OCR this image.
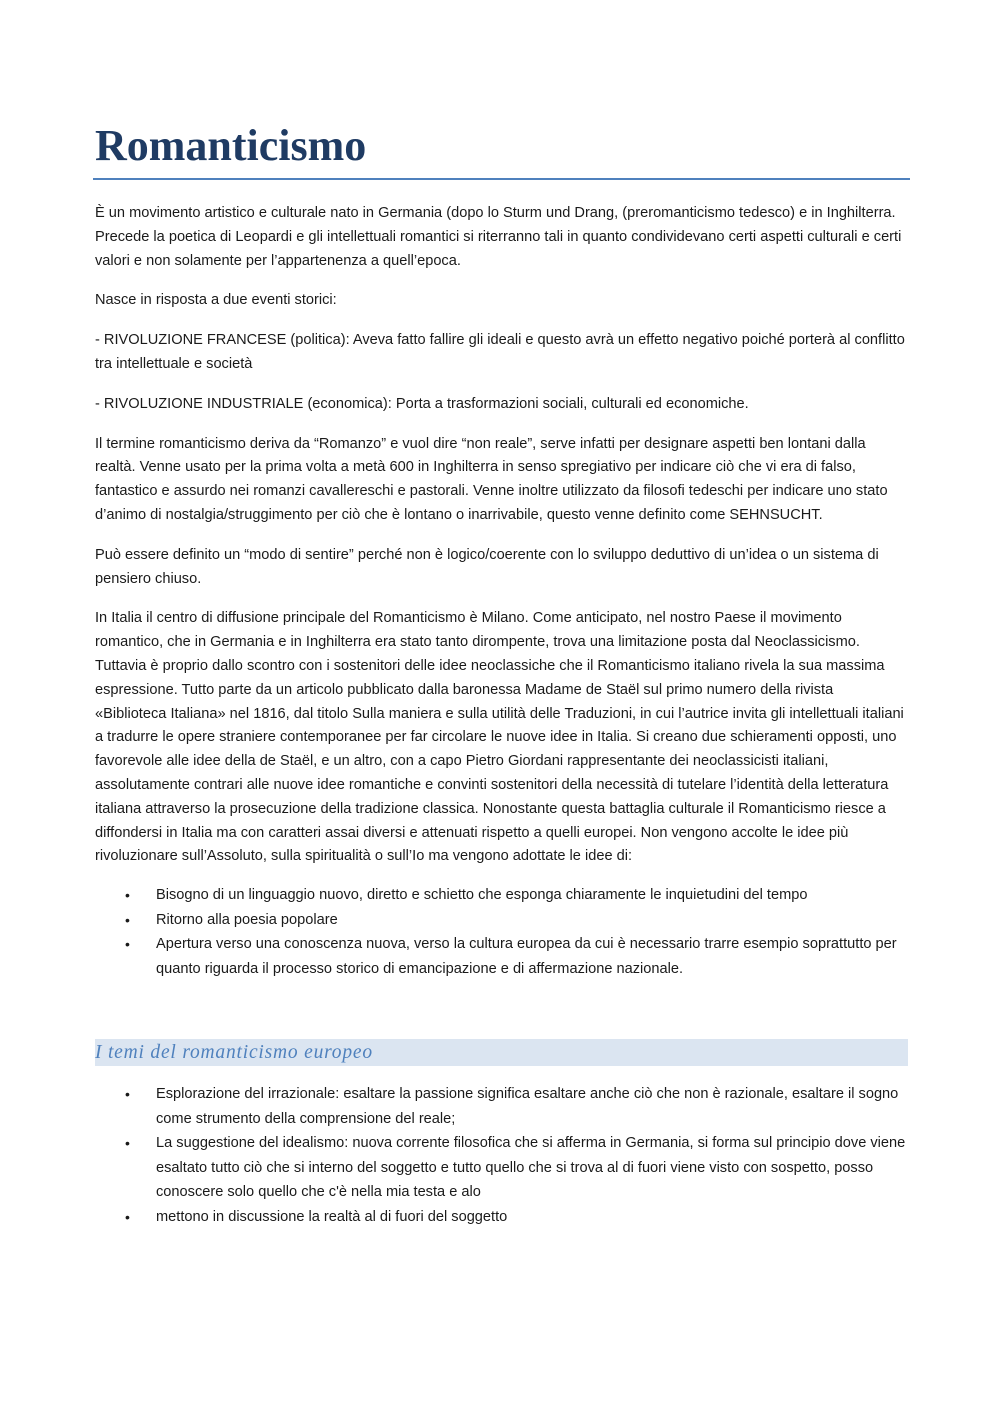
Romanticismo

È un movimento artistico e culturale nato in Germania (dopo lo Sturm und Drang, (preromanticismo tedesco) e in Inghilterra. Precede la poetica di Leopardi e gli intellettuali romantici si riterranno tali in quanto condividevano certi aspetti culturali e certi valori e non solamente per l’appartenenza a quell’epoca.

Nasce in risposta a due eventi storici:

- RIVOLUZIONE FRANCESE (politica): Aveva fatto fallire gli ideali e questo avrà un effetto negativo poiché porterà al conflitto tra intellettuale e società

- RIVOLUZIONE INDUSTRIALE (economica): Porta a trasformazioni sociali, culturali ed economiche.

Il termine romanticismo deriva da “Romanzo” e vuol dire “non reale”, serve infatti per designare aspetti ben lontani dalla realtà. Venne usato per la prima volta a metà 600 in Inghilterra in senso spregiativo per indicare ciò che vi era di falso, fantastico e assurdo nei romanzi cavallereschi e pastorali. Venne inoltre utilizzato da filosofi tedeschi per indicare uno stato d’animo di nostalgia/struggimento per ciò che è lontano o inarrivabile, questo venne definito come SEHNSUCHT.

Può essere definito un “modo di sentire” perché non è logico/coerente con lo sviluppo deduttivo di un’idea o un sistema di pensiero chiuso.

In Italia il centro di diffusione principale del Romanticismo è Milano. Come anticipato, nel nostro Paese il movimento romantico, che in Germania e in Inghilterra era stato tanto dirompente, trova una limitazione posta dal Neoclassicismo. Tuttavia è proprio dallo scontro con i sostenitori delle idee neoclassiche che il Romanticismo italiano rivela la sua massima espressione. Tutto parte da un articolo pubblicato dalla baronessa Madame de Staël sul primo numero della rivista «Biblioteca Italiana» nel 1816, dal titolo Sulla maniera e sulla utilità delle Traduzioni, in cui l’autrice invita gli intellettuali italiani a tradurre le opere straniere contemporanee per far circolare le nuove idee in Italia. Si creano due schieramenti opposti, uno favorevole alle idee della de Staël, e un altro, con a capo Pietro Giordani rappresentante dei neoclassicisti italiani, assolutamente contrari alle nuove idee romantiche e convinti sostenitori della necessità di tutelare l’identità della letteratura italiana attraverso la prosecuzione della tradizione classica. Nonostante questa battaglia culturale il Romanticismo riesce a diffondersi in Italia ma con caratteri assai diversi e attenuati rispetto a quelli europei. Non vengono accolte le idee più rivoluzionare sull’Assoluto, sulla spiritualità o sull’Io ma vengono adottate le idee di:

• Bisogno di un linguaggio nuovo, diretto e schietto che esponga chiaramente le inquietudini del tempo
• Ritorno alla poesia popolare
• Apertura verso una conoscenza nuova, verso la cultura europea da cui è necessario trarre esempio soprattutto per quanto riguarda il processo storico di emancipazione e di affermazione nazionale.
I temi del romanticismo europeo
• Esplorazione del irrazionale: esaltare la passione significa esaltare anche ciò che non è razionale, esaltare il sogno come strumento della comprensione del reale;
• La suggestione del idealismo: nuova corrente filosofica che si afferma in Germania, si forma sul principio dove viene esaltato tutto ciò che si interno del soggetto e tutto quello che si trova al di fuori viene visto con sospetto, posso conoscere solo quello che c'è nella mia testa e alo
• mettono in discussione la realtà al di fuori del soggetto
